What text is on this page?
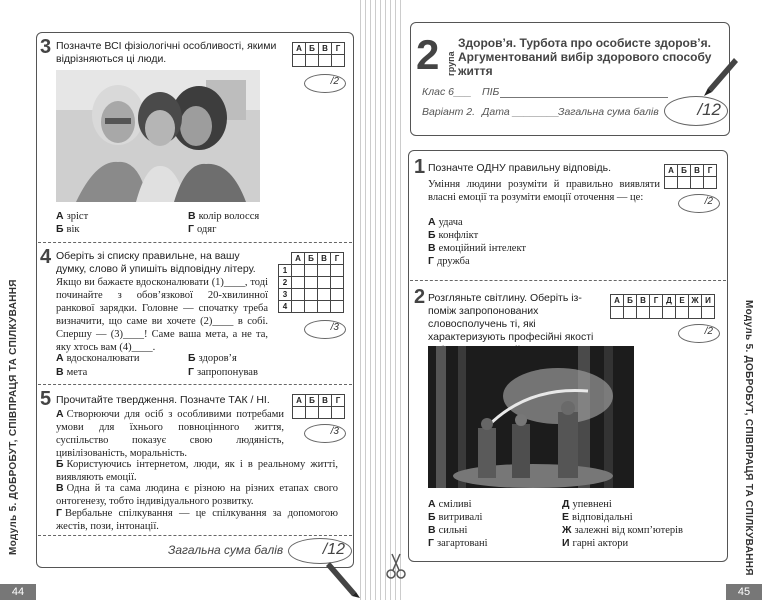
3 Позначте ВСІ фізіологічні особливості, якими відрізняються ці люди.
А	Б	В	Г

/2
А зріст	В колір волосся
Б вік	Г одяг
4 Оберіть зі списку правильне, на вашу думку, слово й упишіть відповідну літеру.
Якщо ви бажаєте вдосконалювати (1)____, тоді починайте з обов’язкової 20-хвилинної ранкової зарядки. Головне — спочатку треба визначити, що саме ви хочете (2)____ в собі. Спершу — (3)____! Саме ваша мета, а не та, яку хтось вам (4)____.
	А	Б	В	Г
1				
2				
3				
4				
/3
А вдосконалювати	Б здоров’я
В мета	Г запропонував
5 Прочитайте твердження. Позначте ТАК / НІ.	А	Б	В	Г

/3
А Створюючи для осіб з особливими потребами умови для їхнього повноцінного життя, суспільство показує свою людяність, цивілізованість, моральність.
Б Користуючись інтернетом, люди, як і в реальному житті, виявляють емоції.
В Одна й та сама людина є різною на різних етапах свого онтогенезу, тобто індивідуального розвитку.
Г Вербальне спілкування — це спілкування за допомогою жестів, пози, інтонації.
Загальна сума балів /12
44
Модуль 5. ДОБРОБУТ, СПІВПРАЦЯ ТА СПІЛКУВАННЯ
2 група
Здоров’я. Турбота про особисте здоров’я. Аргументований вибір здорового способу життя
Клас 6___ ПІБ
Варіант 2. Дата ________
Загальна сума балів /12
1 Позначте ОДНУ правильну відповідь.
Уміння людини розуміти й правильно виявляти власні емоції та розуміти емоції оточення — це:
А	Б	В	Г

/2
А удача
Б конфлікт
В емоційний інтелект
Г дружба
2 Розгляньте світлину. Оберіть із-поміж запропонованих словосполучень ті, які характеризують професійні якості
А	Б	В	Г	Д	Е	Ж	И

/2
А сміливі	Д упевнені
Б витривалі	Е відповідальні
В сильні	Ж залежні від комп’ютерів
Г загартовані	И гарні актори
45
Модуль 5. ДОБРОБУТ, СПІВПРАЦЯ ТА СПІЛКУВАННЯ
